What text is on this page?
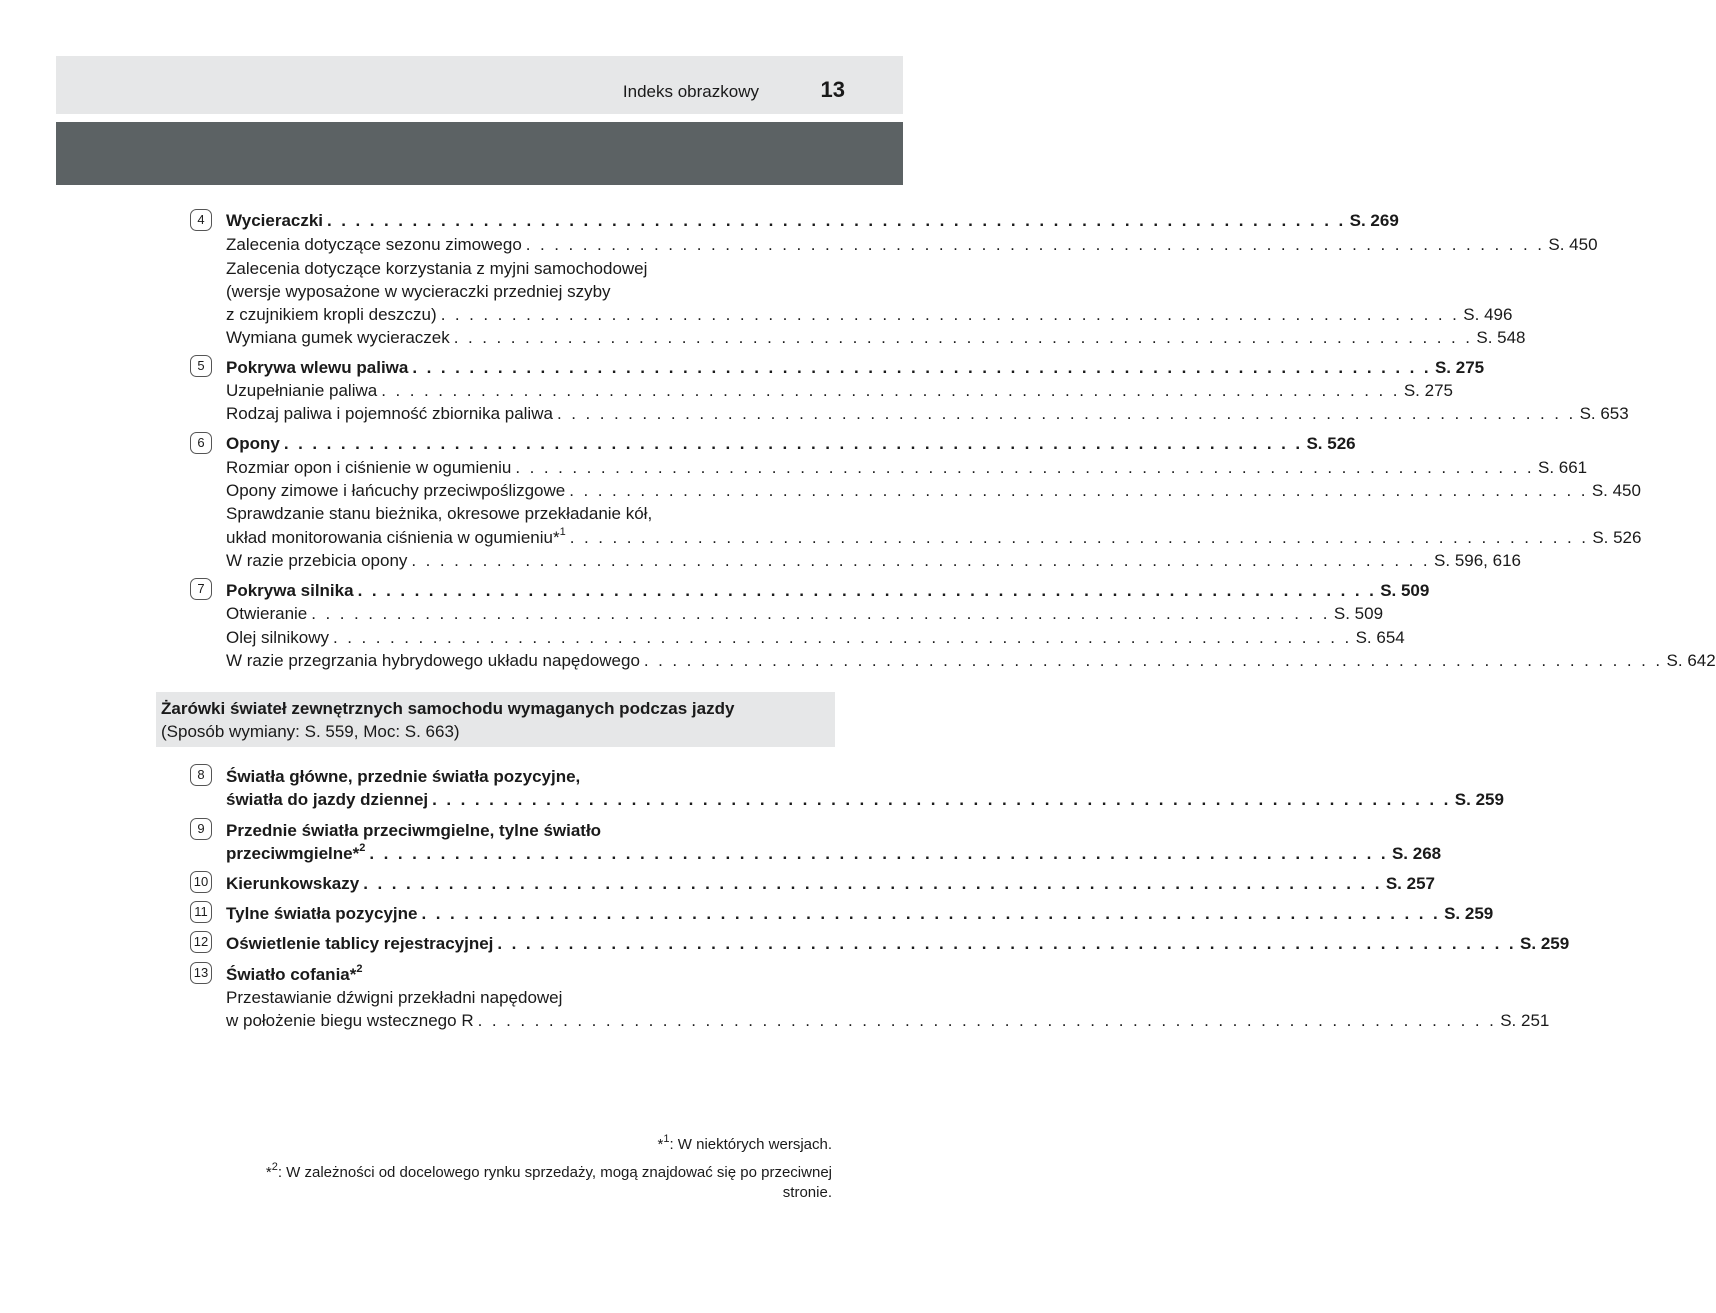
Indeks obrazkowy	13
4
5
6
7
8
9
10
11
12
13
Wycieraczki . . . . . . . . . . . . . . . . . . . . . . . . . . . . . . . . . . . . . . . . . . . . . . . . . . . . . . . . . . . . . . . . . . . . . . . . S. 269
Zalecenia dotyczące sezonu zimowego . . . . . . . . . . . . . . . . . . . . . . . . . . . . . . . . . . . . . . . . . . . . . . . . . . . . . . . . . . . . . . . . . . . . . . . . S. 450
Zalecenia dotyczące korzystania z myjni samochodowej
(wersje wyposażone w wycieraczki przedniej szyby
z czujnikiem kropli deszczu) . . . . . . . . . . . . . . . . . . . . . . . . . . . . . . . . . . . . . . . . . . . . . . . . . . . . . . . . . . . . . . . . . . . . . . . . S. 496
Wymiana gumek wycieraczek . . . . . . . . . . . . . . . . . . . . . . . . . . . . . . . . . . . . . . . . . . . . . . . . . . . . . . . . . . . . . . . . . . . . . . . . S. 548
Pokrywa wlewu paliwa . . . . . . . . . . . . . . . . . . . . . . . . . . . . . . . . . . . . . . . . . . . . . . . . . . . . . . . . . . . . . . . . . . . . . . . . S. 275
Uzupełnianie paliwa . . . . . . . . . . . . . . . . . . . . . . . . . . . . . . . . . . . . . . . . . . . . . . . . . . . . . . . . . . . . . . . . . . . . . . . . S. 275
Rodzaj paliwa i pojemność zbiornika paliwa . . . . . . . . . . . . . . . . . . . . . . . . . . . . . . . . . . . . . . . . . . . . . . . . . . . . . . . . . . . . . . . . . . . . . . . . S. 653
Opony . . . . . . . . . . . . . . . . . . . . . . . . . . . . . . . . . . . . . . . . . . . . . . . . . . . . . . . . . . . . . . . . . . . . . . . . S. 526
Rozmiar opon i ciśnienie w ogumieniu . . . . . . . . . . . . . . . . . . . . . . . . . . . . . . . . . . . . . . . . . . . . . . . . . . . . . . . . . . . . . . . . . . . . . . . . S. 661
Opony zimowe i łańcuchy przeciwpoślizgowe . . . . . . . . . . . . . . . . . . . . . . . . . . . . . . . . . . . . . . . . . . . . . . . . . . . . . . . . . . . . . . . . . . . . . . . . S. 450
Sprawdzanie stanu bieżnika, okresowe przekładanie kół,
układ monitorowania ciśnienia w ogumieniu*$^1$ . . . . . . . . . . . . . . . . . . . . . . . . . . . . . . . . . . . . . . . . . . . . . . . . . . . . . . . . . . . . . . . . . . . . . . . . S. 526
W razie przebicia opony . . . . . . . . . . . . . . . . . . . . . . . . . . . . . . . . . . . . . . . . . . . . . . . . . . . . . . . . . . . . . . . . . . . . . . . . S. 596, 616
Pokrywa silnika . . . . . . . . . . . . . . . . . . . . . . . . . . . . . . . . . . . . . . . . . . . . . . . . . . . . . . . . . . . . . . . . . . . . . . . . S. 509
Otwieranie . . . . . . . . . . . . . . . . . . . . . . . . . . . . . . . . . . . . . . . . . . . . . . . . . . . . . . . . . . . . . . . . . . . . . . . . S. 509
Olej silnikowy . . . . . . . . . . . . . . . . . . . . . . . . . . . . . . . . . . . . . . . . . . . . . . . . . . . . . . . . . . . . . . . . . . . . . . . . S. 654
W razie przegrzania hybrydowego układu napędowego . . . . . . . . . . . . . . . . . . . . . . . . . . . . . . . . . . . . . . . . . . . . . . . . . . . . . . . . . . . . . . . . . . . . . . . . S. 642
Żarówki świateł zewnętrznych samochodu wymaganych podczas jazdy
(Sposób wymiany: S. 559, Moc: S. 663)
Światła główne, przednie światła pozycyjne,
światła do jazdy dziennej . . . . . . . . . . . . . . . . . . . . . . . . . . . . . . . . . . . . . . . . . . . . . . . . . . . . . . . . . . . . . . . . . . . . . . . . S. 259
Przednie światła przeciwmgielne, tylne światło
przeciwmgielne*$^2$ . . . . . . . . . . . . . . . . . . . . . . . . . . . . . . . . . . . . . . . . . . . . . . . . . . . . . . . . . . . . . . . . . . . . . . . . S. 268
Kierunkowskazy . . . . . . . . . . . . . . . . . . . . . . . . . . . . . . . . . . . . . . . . . . . . . . . . . . . . . . . . . . . . . . . . . . . . . . . . S. 257
Tylne światła pozycyjne . . . . . . . . . . . . . . . . . . . . . . . . . . . . . . . . . . . . . . . . . . . . . . . . . . . . . . . . . . . . . . . . . . . . . . . . S. 259
Oświetlenie tablicy rejestracyjnej . . . . . . . . . . . . . . . . . . . . . . . . . . . . . . . . . . . . . . . . . . . . . . . . . . . . . . . . . . . . . . . . . . . . . . . . S. 259
Światło cofania*$^2$
Przestawianie dźwigni przekładni napędowej
w położenie biegu wstecznego R . . . . . . . . . . . . . . . . . . . . . . . . . . . . . . . . . . . . . . . . . . . . . . . . . . . . . . . . . . . . . . . . . . . . . . . . S. 251
*$^1$: W niektórych wersjach.
*$^2$: W zależności od docelowego rynku sprzedaży, mogą znajdować się po przeciwnej
stronie.
